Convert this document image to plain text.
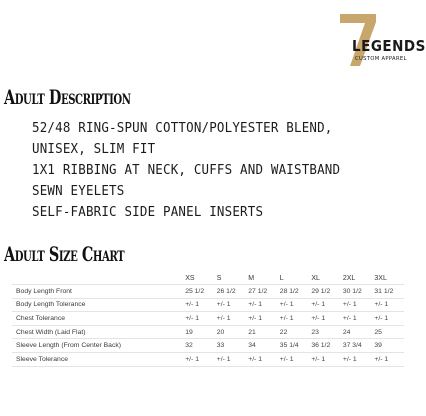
LEGENDS
CUSTOM APPAREL
Adult Description
52/48 RING-SPUN COTTON/POLYESTER BLEND,
UNISEX, SLIM FIT
1X1 RIBBING AT NECK, CUFFS AND WAISTBAND
SEWN EYELETS
SELF-FABRIC SIDE PANEL INSERTS
Adult Size Chart
	XS	S	M	L	XL	2XL	3XL
Body Length Front	25 1/2	26 1/2	27 1/2	28 1/2	29 1/2	30 1/2	31 1/2
Body Length Tolerance	+/- 1	+/- 1	+/- 1	+/- 1	+/- 1	+/- 1	+/- 1
Chest Tolerance	+/- 1	+/- 1	+/- 1	+/- 1	+/- 1	+/- 1	+/- 1
Chest Width (Laid Flat)	19	20	21	22	23	24	25
Sleeve Length (From Center Back)	32	33	34	35 1/4	36 1/2	37 3/4	39
Sleeve Tolerance	+/- 1	+/- 1	+/- 1	+/- 1	+/- 1	+/- 1	+/- 1
